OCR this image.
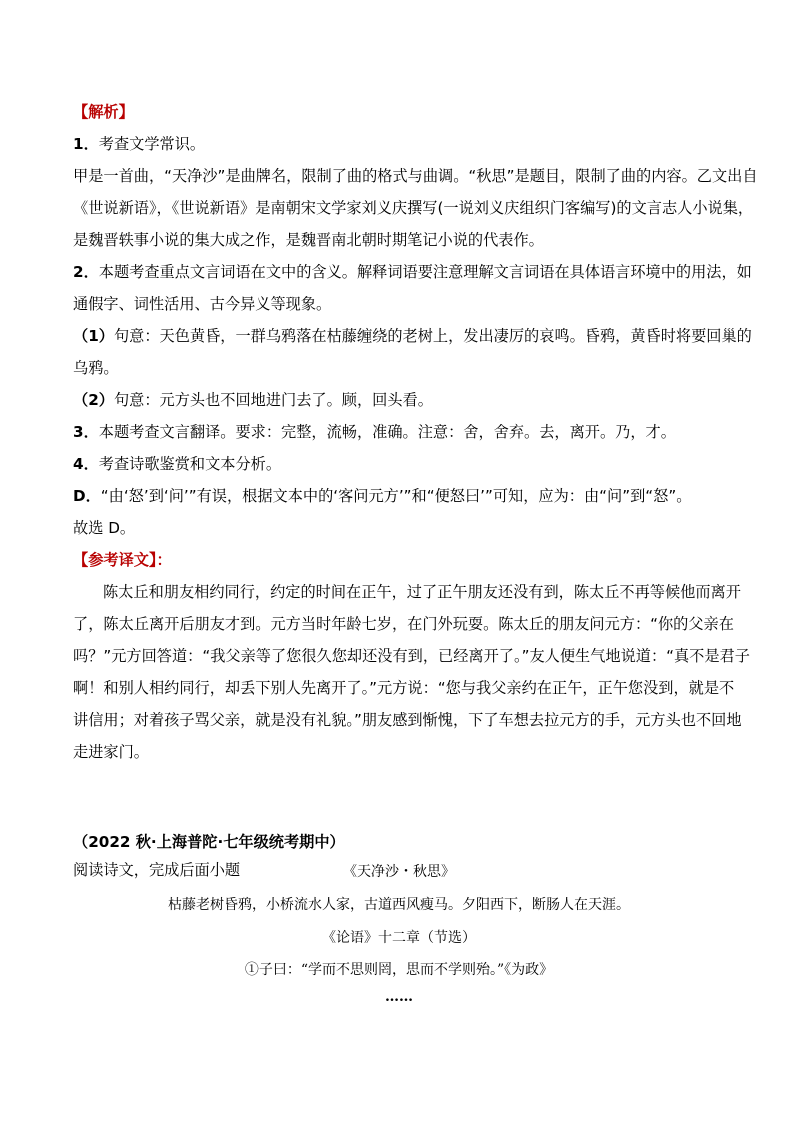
【解析】

1．考查文学常识。

甲是一首曲，“天净沙”是曲牌名，限制了曲的格式与曲调。“秋思”是题目，限制了曲的内容。乙文出自

《世说新语》，《世说新语》是南朝宋文学家刘义庆撰写(一说刘义庆组织门客编写)的文言志人小说集，

是魏晋轶事小说的集大成之作，是魏晋南北朝时期笔记小说的代表作。

2．本题考查重点文言词语在文中的含义。解释词语要注意理解文言词语在具体语言环境中的用法，如

通假字、词性活用、古今异义等现象。

（1）句意：天色黄昏，一群乌鸦落在枯藤缠绕的老树上，发出凄厉的哀鸣。昏鸦，黄昏时将要回巢的

乌鸦。

（2）句意：元方头也不回地进门去了。顾，回头看。

3．本题考查文言翻译。要求：完整，流畅，准确。注意：舍，舍弃。去，离开。乃，才。

4．考查诗歌鉴赏和文本分析。

D．“由‘怒’到‘问’”有误，根据文本中的‘客问元方’”和“便怒曰’”可知，应为：由“问”到“怒”。

故选 D。

【参考译文】：

陈太丘和朋友相约同行，约定的时间在正午，过了正午朋友还没有到，陈太丘不再等候他而离开

了，陈太丘离开后朋友才到。元方当时年龄七岁，在门外玩耍。陈太丘的朋友问元方：“你的父亲在

吗？”元方回答道：“我父亲等了您很久您却还没有到，已经离开了。”友人便生气地说道：“真不是君子

啊！和别人相约同行，却丢下别人先离开了。”元方说：“您与我父亲约在正午，正午您没到，就是不

讲信用；对着孩子骂父亲，就是没有礼貌。”朋友感到惭愧，下了车想去拉元方的手，元方头也不回地

走进家门。

（2022 秋·上海普陀·七年级统考期中）

阅读诗文，完成后面小题	《天净沙・秋思》

枯藤老树昏鸦，小桥流水人家，古道西风瘦马。夕阳西下，断肠人在天涯。

《论语》十二章（节选）

①子曰：“学而不思则罔，思而不学则殆。”《为政》

……
